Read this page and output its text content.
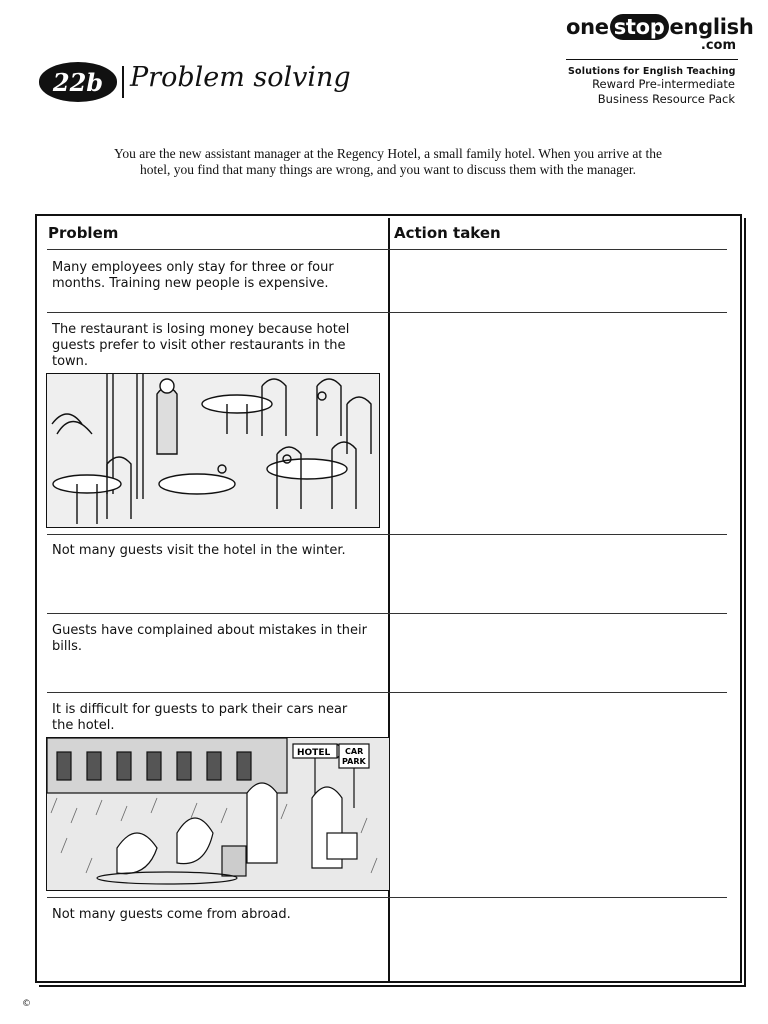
one stop english
.com
Solutions for English Teaching
Reward Pre-intermediate
Business Resource Pack
22b Problem solving
You are the new assistant manager at the Regency Hotel, a small family hotel. When you arrive at the hotel, you find that many things are wrong, and you want to discuss them with the manager.
Problem	Action taken
Many employees only stay for three or four months. Training new people is expensive.
The restaurant is losing money because hotel guests prefer to visit other restaurants in the town.
Not many guests visit the hotel in the winter.
Guests have complained about mistakes in their bills.
It is difficult for guests to park their cars near the hotel.
Not many guests come from abroad.
HOTEL CAR
PARK
©
